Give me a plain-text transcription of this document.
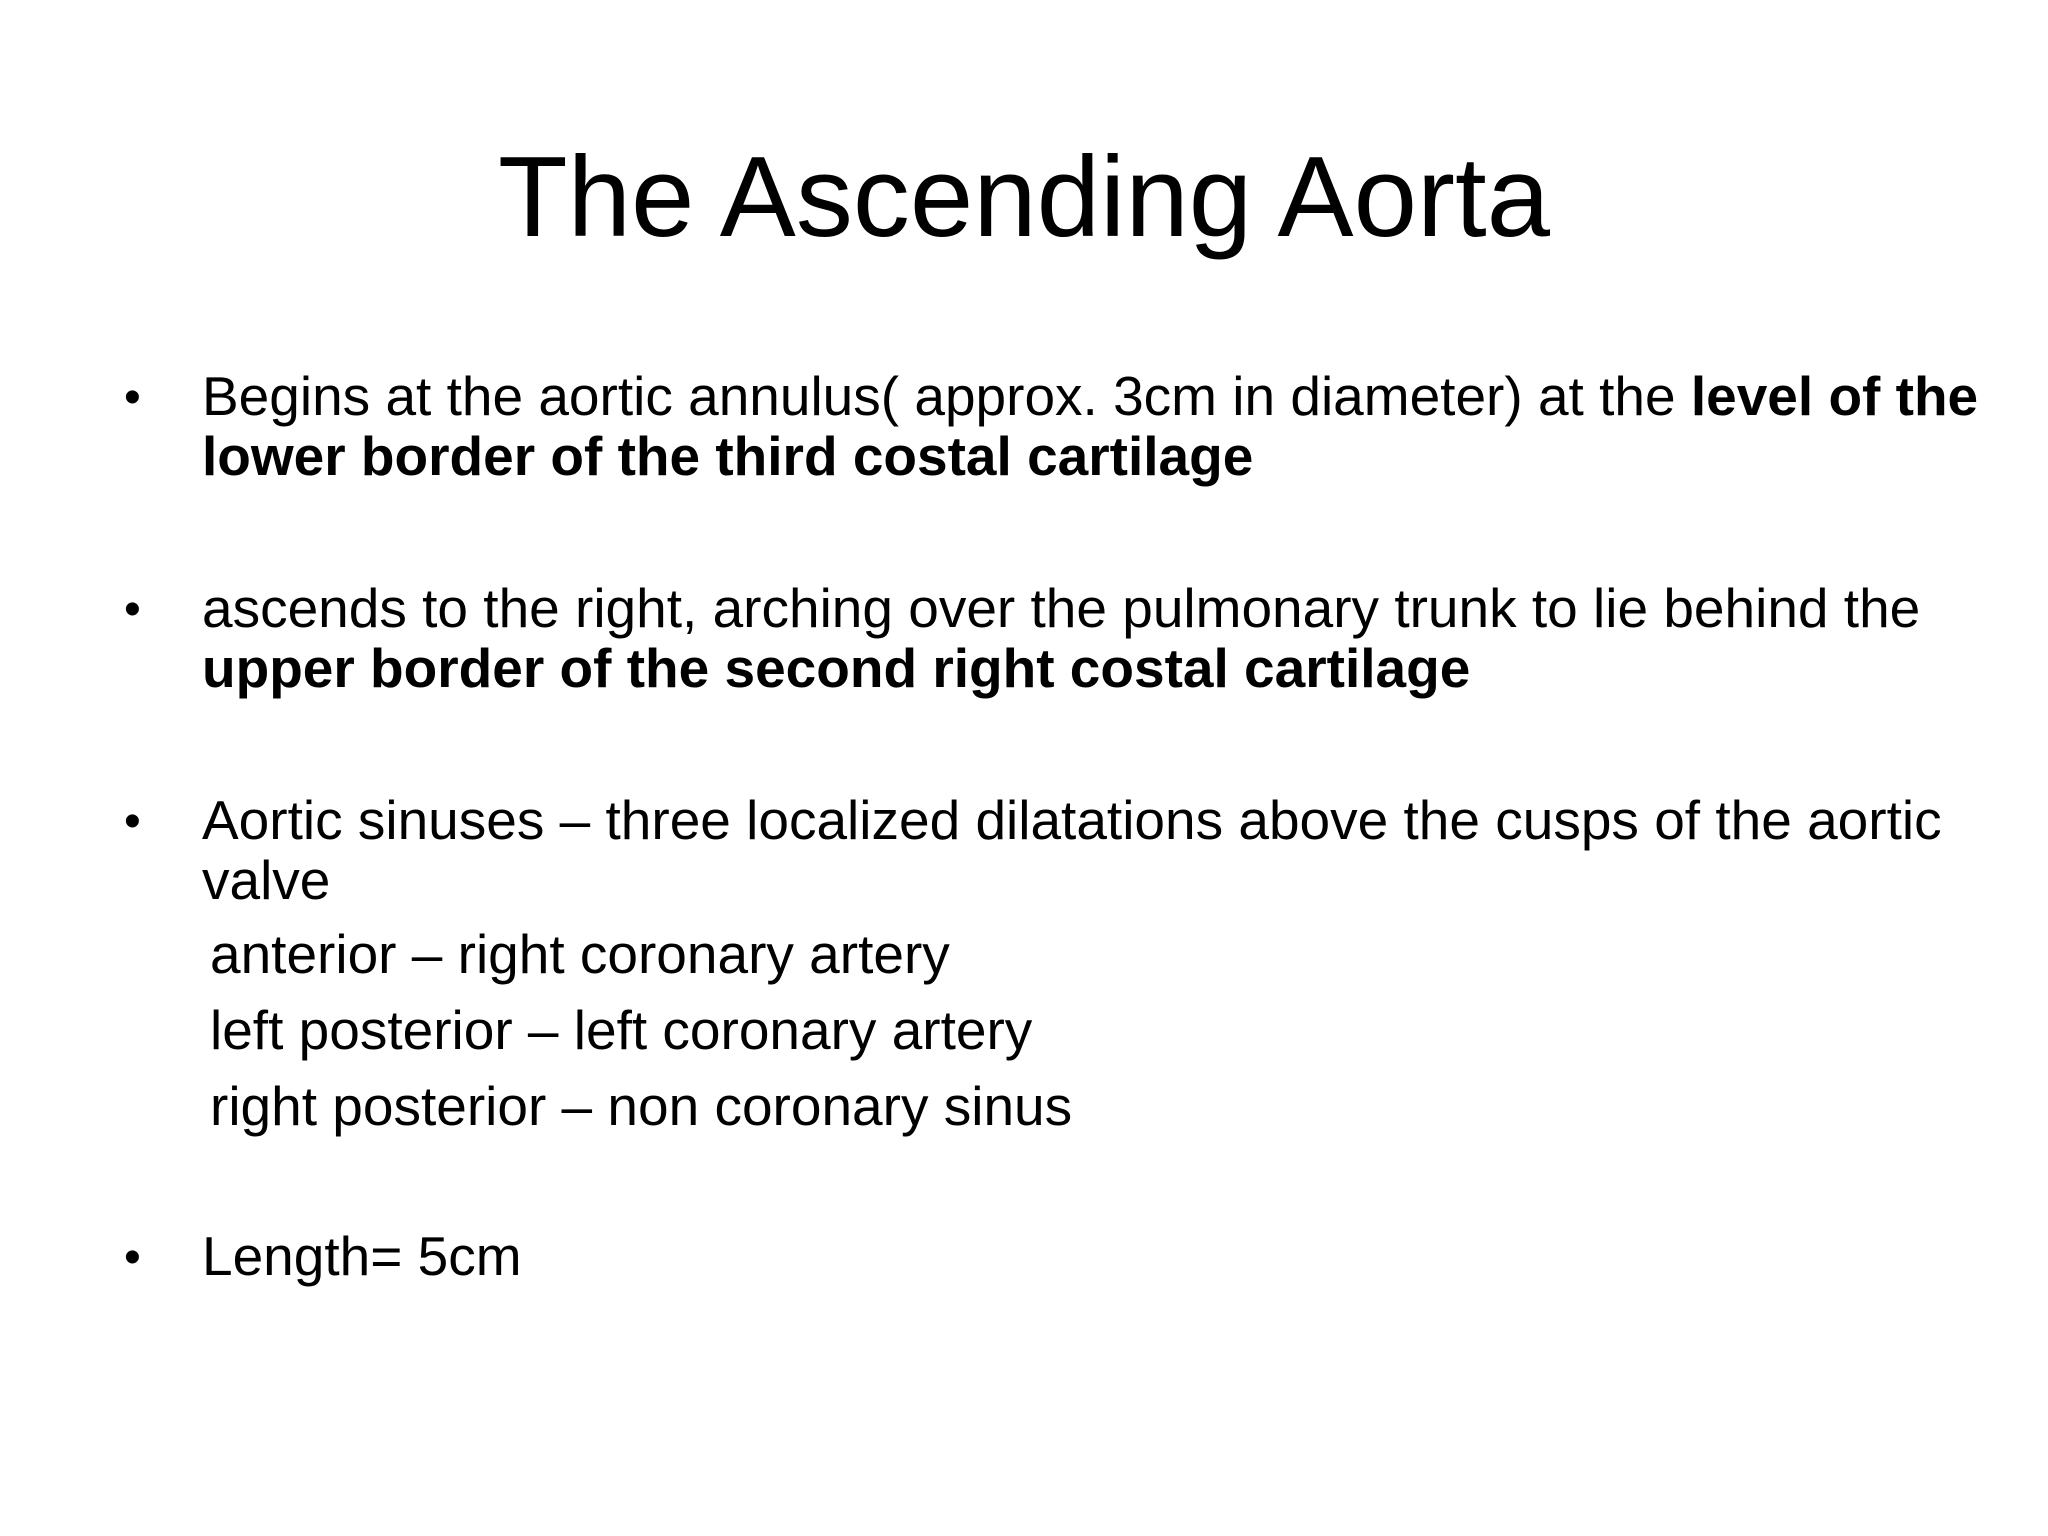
The Ascending Aorta
• Begins at the aortic annulus( approx. 3cm in diameter) at the level of the lower border of the third costal cartilage

• ascends to the right, arching over the pulmonary trunk to lie behind the upper border of the second right costal cartilage

• Aortic sinuses – three localized dilatations above the cusps of the aortic valve

anterior – right coronary artery

left posterior – left coronary artery

right posterior – non coronary sinus

• Length= 5cm
